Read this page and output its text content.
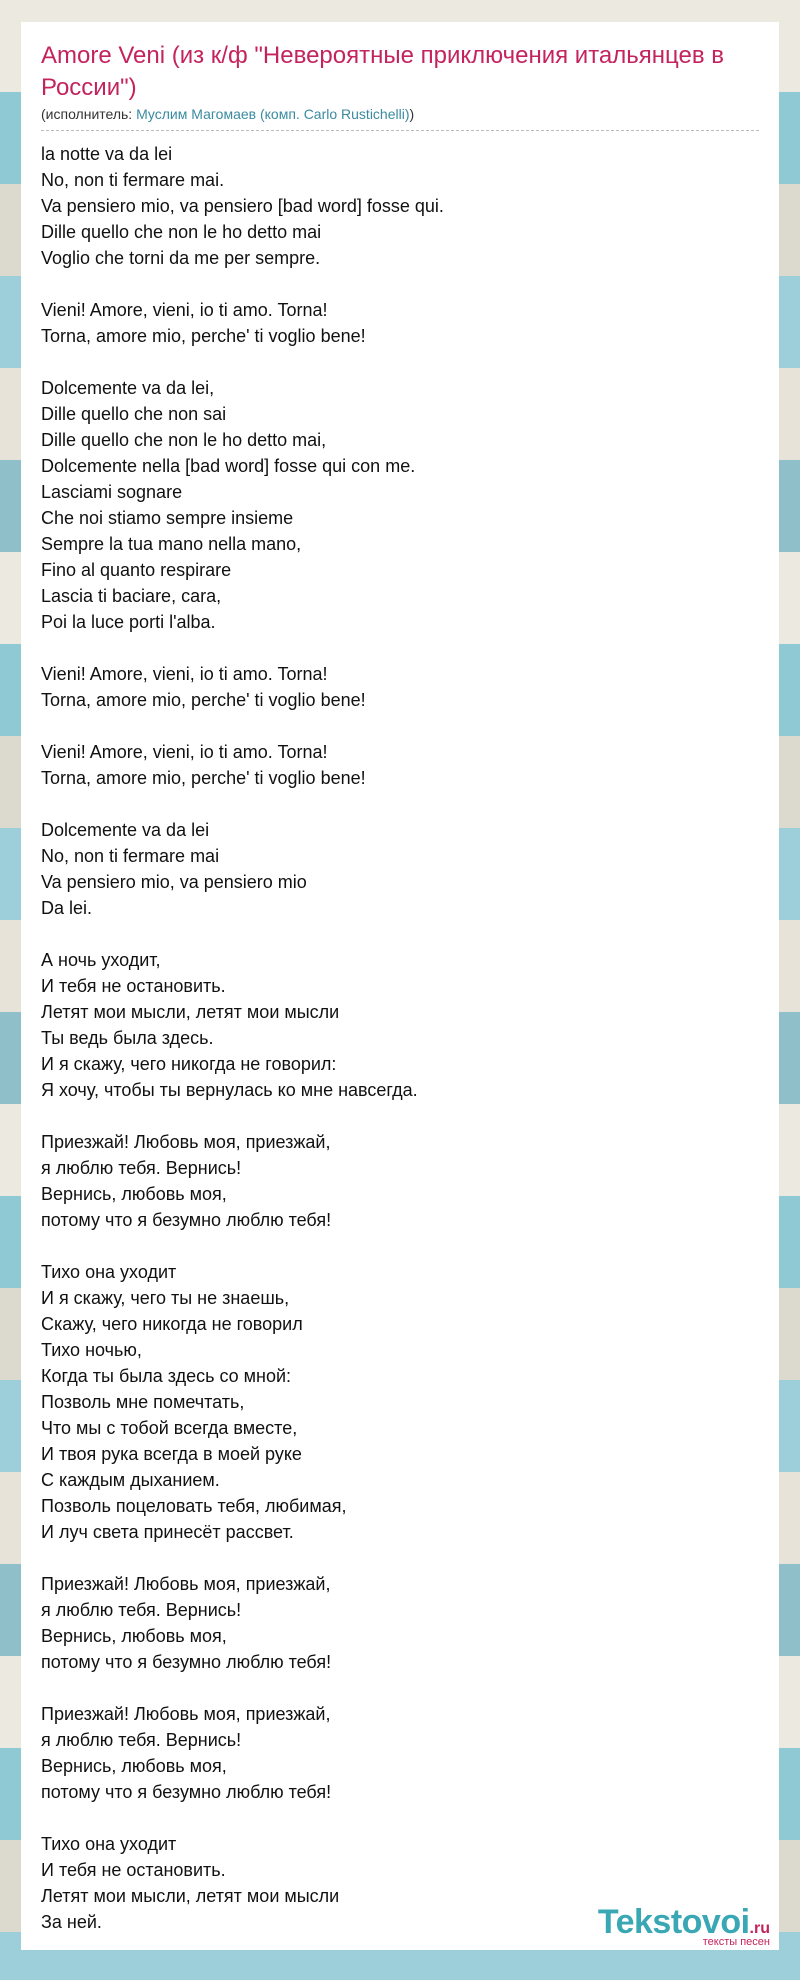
Amore Veni (из к/ф "Невероятные приключения итальянцев в России")
(исполнитель: Муслим Магомаев (комп. Carlo Rustichelli))
la notte va da lei
No, non ti fermare mai.
Va pensiero mio, va pensiero [bad word] fosse qui.
Dille quello che non le ho detto mai
Voglio che torni da me per sempre.
Vieni! Amore, vieni, io ti amo. Torna!
Torna, amore mio, perche' ti voglio bene!
Dolcemente va da lei,
Dille quello che non sai
Dille quello che non le ho detto mai,
Dolcemente nella [bad word] fosse qui con me.
Lasciami sognare
Che noi stiamo sempre insieme
Sempre la tua mano nella mano,
Fino al quanto respirare
Lascia ti baciare, cara,
Poi la luce porti l'alba.
Vieni! Amore, vieni, io ti amo. Torna!
Torna, amore mio, perche' ti voglio bene!
Vieni! Amore, vieni, io ti amo. Torna!
Torna, amore mio, perche' ti voglio bene!
Dolcemente va da lei
No, non ti fermare mai
Va pensiero mio, va pensiero mio
Da lei.
А ночь уходит,
И тебя не остановить.
Летят мои мысли, летят мои мысли
Ты ведь была здесь.
И я скажу, чего никогда не говорил:
Я хочу, чтобы ты вернулась ко мне навсегда.
Приезжай! Любовь моя, приезжай,
я люблю тебя. Вернись!
Вернись, любовь моя,
потому что я безумно люблю тебя!
Тихо она уходит
И я скажу, чего ты не знаешь,
Скажу, чего никогда не говорил
Тихо ночью,
Когда ты была здесь со мной:
Позволь мне помечтать,
Что мы с тобой всегда вместе,
И твоя рука всегда в моей руке
С каждым дыханием.
Позволь поцеловать тебя, любимая,
И луч света принесёт рассвет.
Приезжай! Любовь моя, приезжай,
я люблю тебя. Вернись!
Вернись, любовь моя,
потому что я безумно люблю тебя!
Приезжай! Любовь моя, приезжай,
я люблю тебя. Вернись!
Вернись, любовь моя,
потому что я безумно люблю тебя!
Тихо она уходит
И тебя не остановить.
Летят мои мысли, летят мои мысли
За ней.	Tekstovoi.ru
тексты песен
